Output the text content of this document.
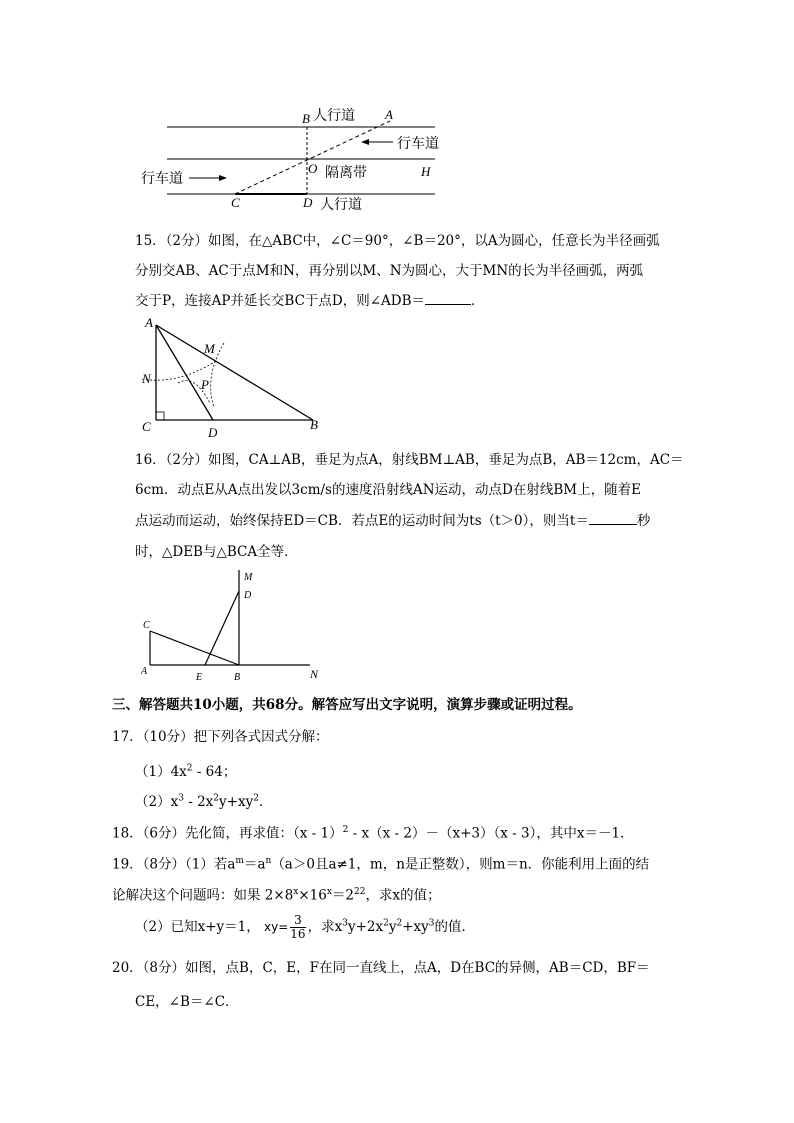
B 人行道 A
行车道
O 隔离带	H
行车道
C	D 人行道
15．（2分）如图，在△ABC中，∠C＝90°，∠B＝20°，以A为圆心，任意长为半径画弧
分别交AB、AC于点M和N，再分别以M、N为圆心，大于MN的长为半径画弧，两弧
交于P，连接AP并延长交BC于点D，则∠ADB＝	．
A
M
N	P
C	D
B
16．（2分）如图，CA⊥AB，垂足为点A，射线BM⊥AB，垂足为点B，AB＝12cm，AC＝
6cm．动点E从A点出发以3cm/s的速度沿射线AN运动，动点D在射线BM上，随着E
点运动而运动，始终保持ED＝CB．若点E的运动时间为ts（t＞0），则当t＝	秒
时，△DEB与△BCA全等．
M
D
C
A
E	B	N
三、解答题共10小题，共68分。解答应写出文字说明，演算步骤或证明过程。
17．（10分）把下列各式因式分解：
$(1)4x^2 - 64$；
$(2)x^3 - 2x^2y+xy^2$．
18．（6分）先化简，再求值：（x - 1）$^2$ - x（x - 2）－（x+3）（x - 3），其中x＝－1．
19．（8分）（1）若$a^m=a^n(a>0$且a≠1，m，n是正整数），则m＝n．你能利用上面的结
论解决这个问题吗：如果 $2\times 8^x\times 16^x=2^{22}$，求x的值；
（2）已知x+y＝1， $xy= \frac{3}{16}$ ，求$x^3y+2x^2y^2+xy^3$的值．
20．（8分）如图，点B，C，E，F在同一直线上，点A，D在BC的异侧，AB＝CD，BF＝
CE，∠B＝∠C．
